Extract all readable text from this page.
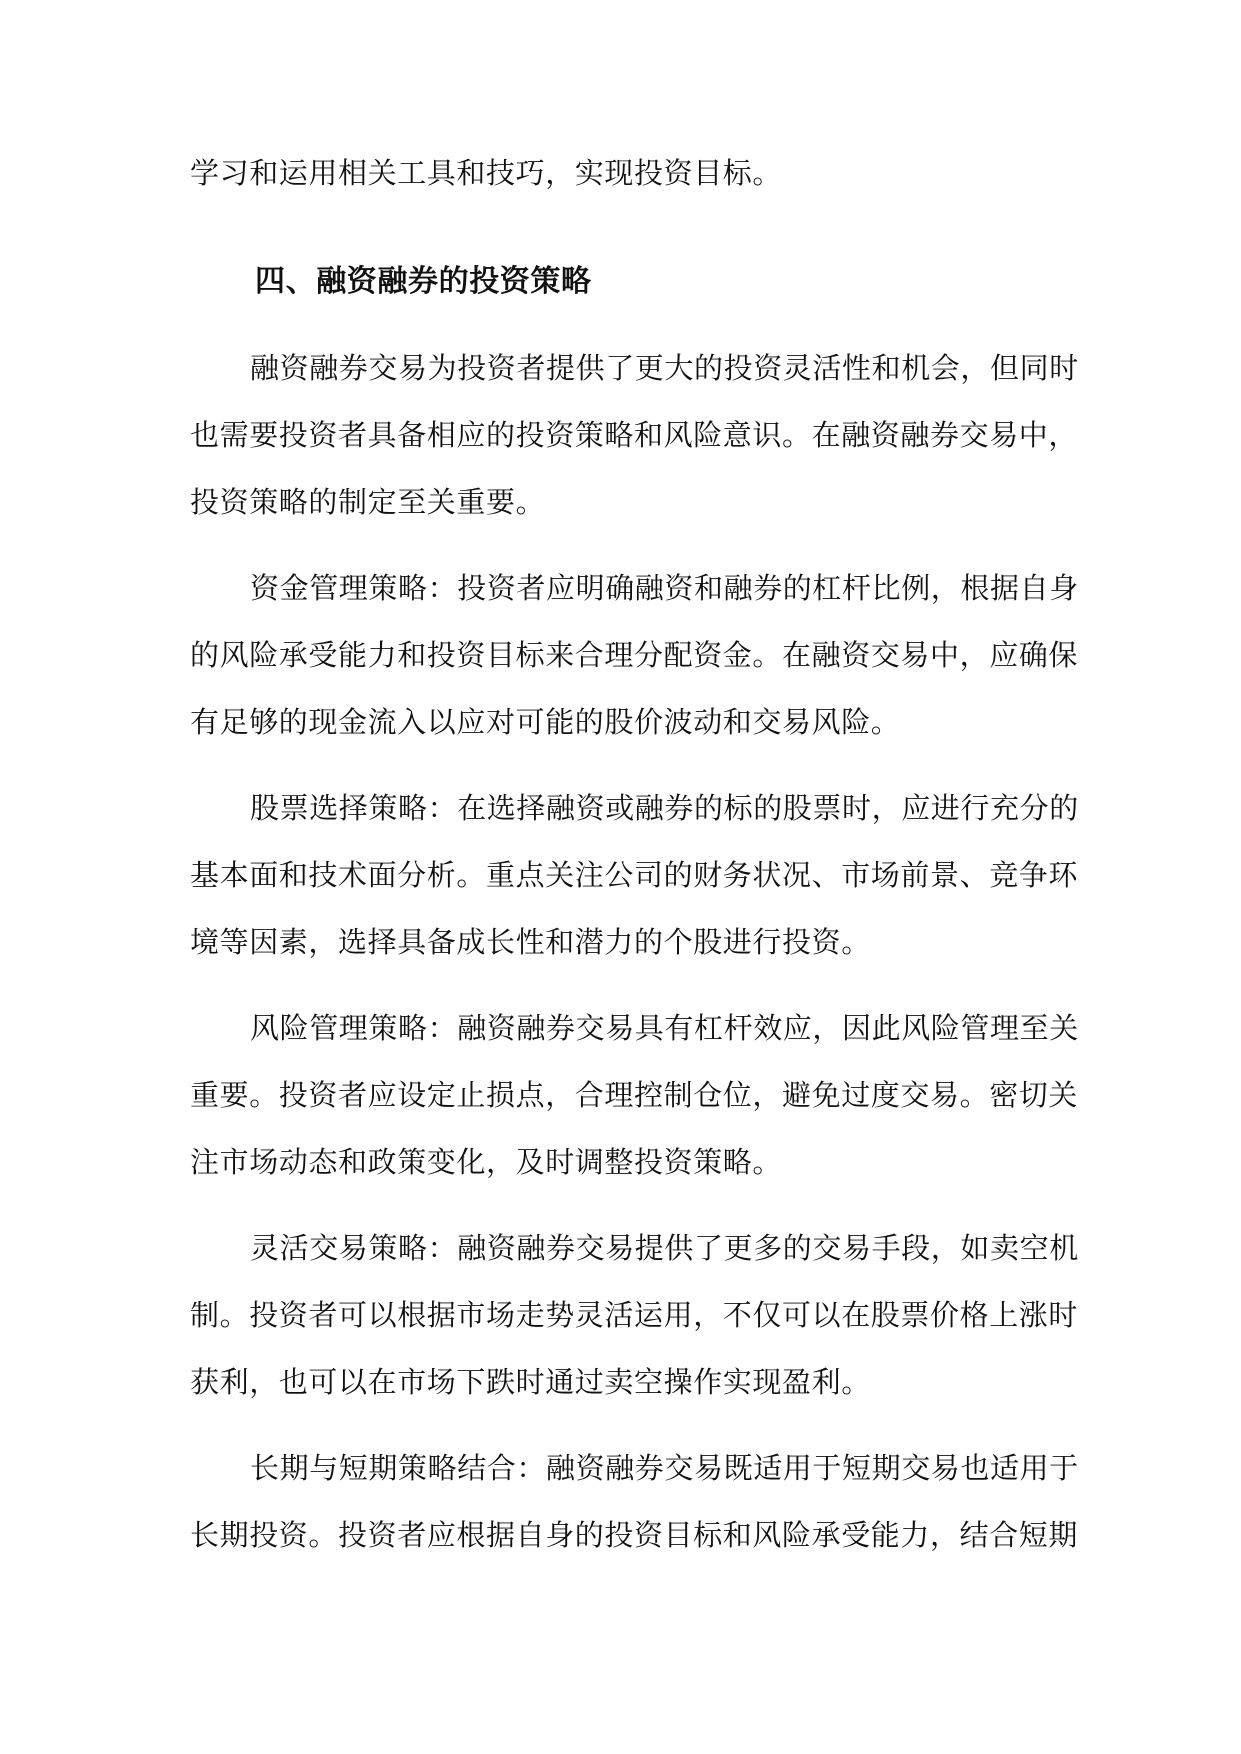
学习和运用相关工具和技巧，实现投资目标。
四、融资融券的投资策略
融资融券交易为投资者提供了更大的投资灵活性和机会，但同时
也需要投资者具备相应的投资策略和风险意识。在融资融券交易中，
投资策略的制定至关重要。
资金管理策略：投资者应明确融资和融券的杠杆比例，根据自身
的风险承受能力和投资目标来合理分配资金。在融资交易中，应确保
有足够的现金流入以应对可能的股价波动和交易风险。
股票选择策略：在选择融资或融券的标的股票时，应进行充分的
基本面和技术面分析。重点关注公司的财务状况、市场前景、竞争环
境等因素，选择具备成长性和潜力的个股进行投资。
风险管理策略：融资融券交易具有杠杆效应，因此风险管理至关
重要。投资者应设定止损点，合理控制仓位，避免过度交易。密切关
注市场动态和政策变化，及时调整投资策略。
灵活交易策略：融资融券交易提供了更多的交易手段，如卖空机
制。投资者可以根据市场走势灵活运用，不仅可以在股票价格上涨时
获利，也可以在市场下跌时通过卖空操作实现盈利。
长期与短期策略结合：融资融券交易既适用于短期交易也适用于
长期投资。投资者应根据自身的投资目标和风险承受能力，结合短期
